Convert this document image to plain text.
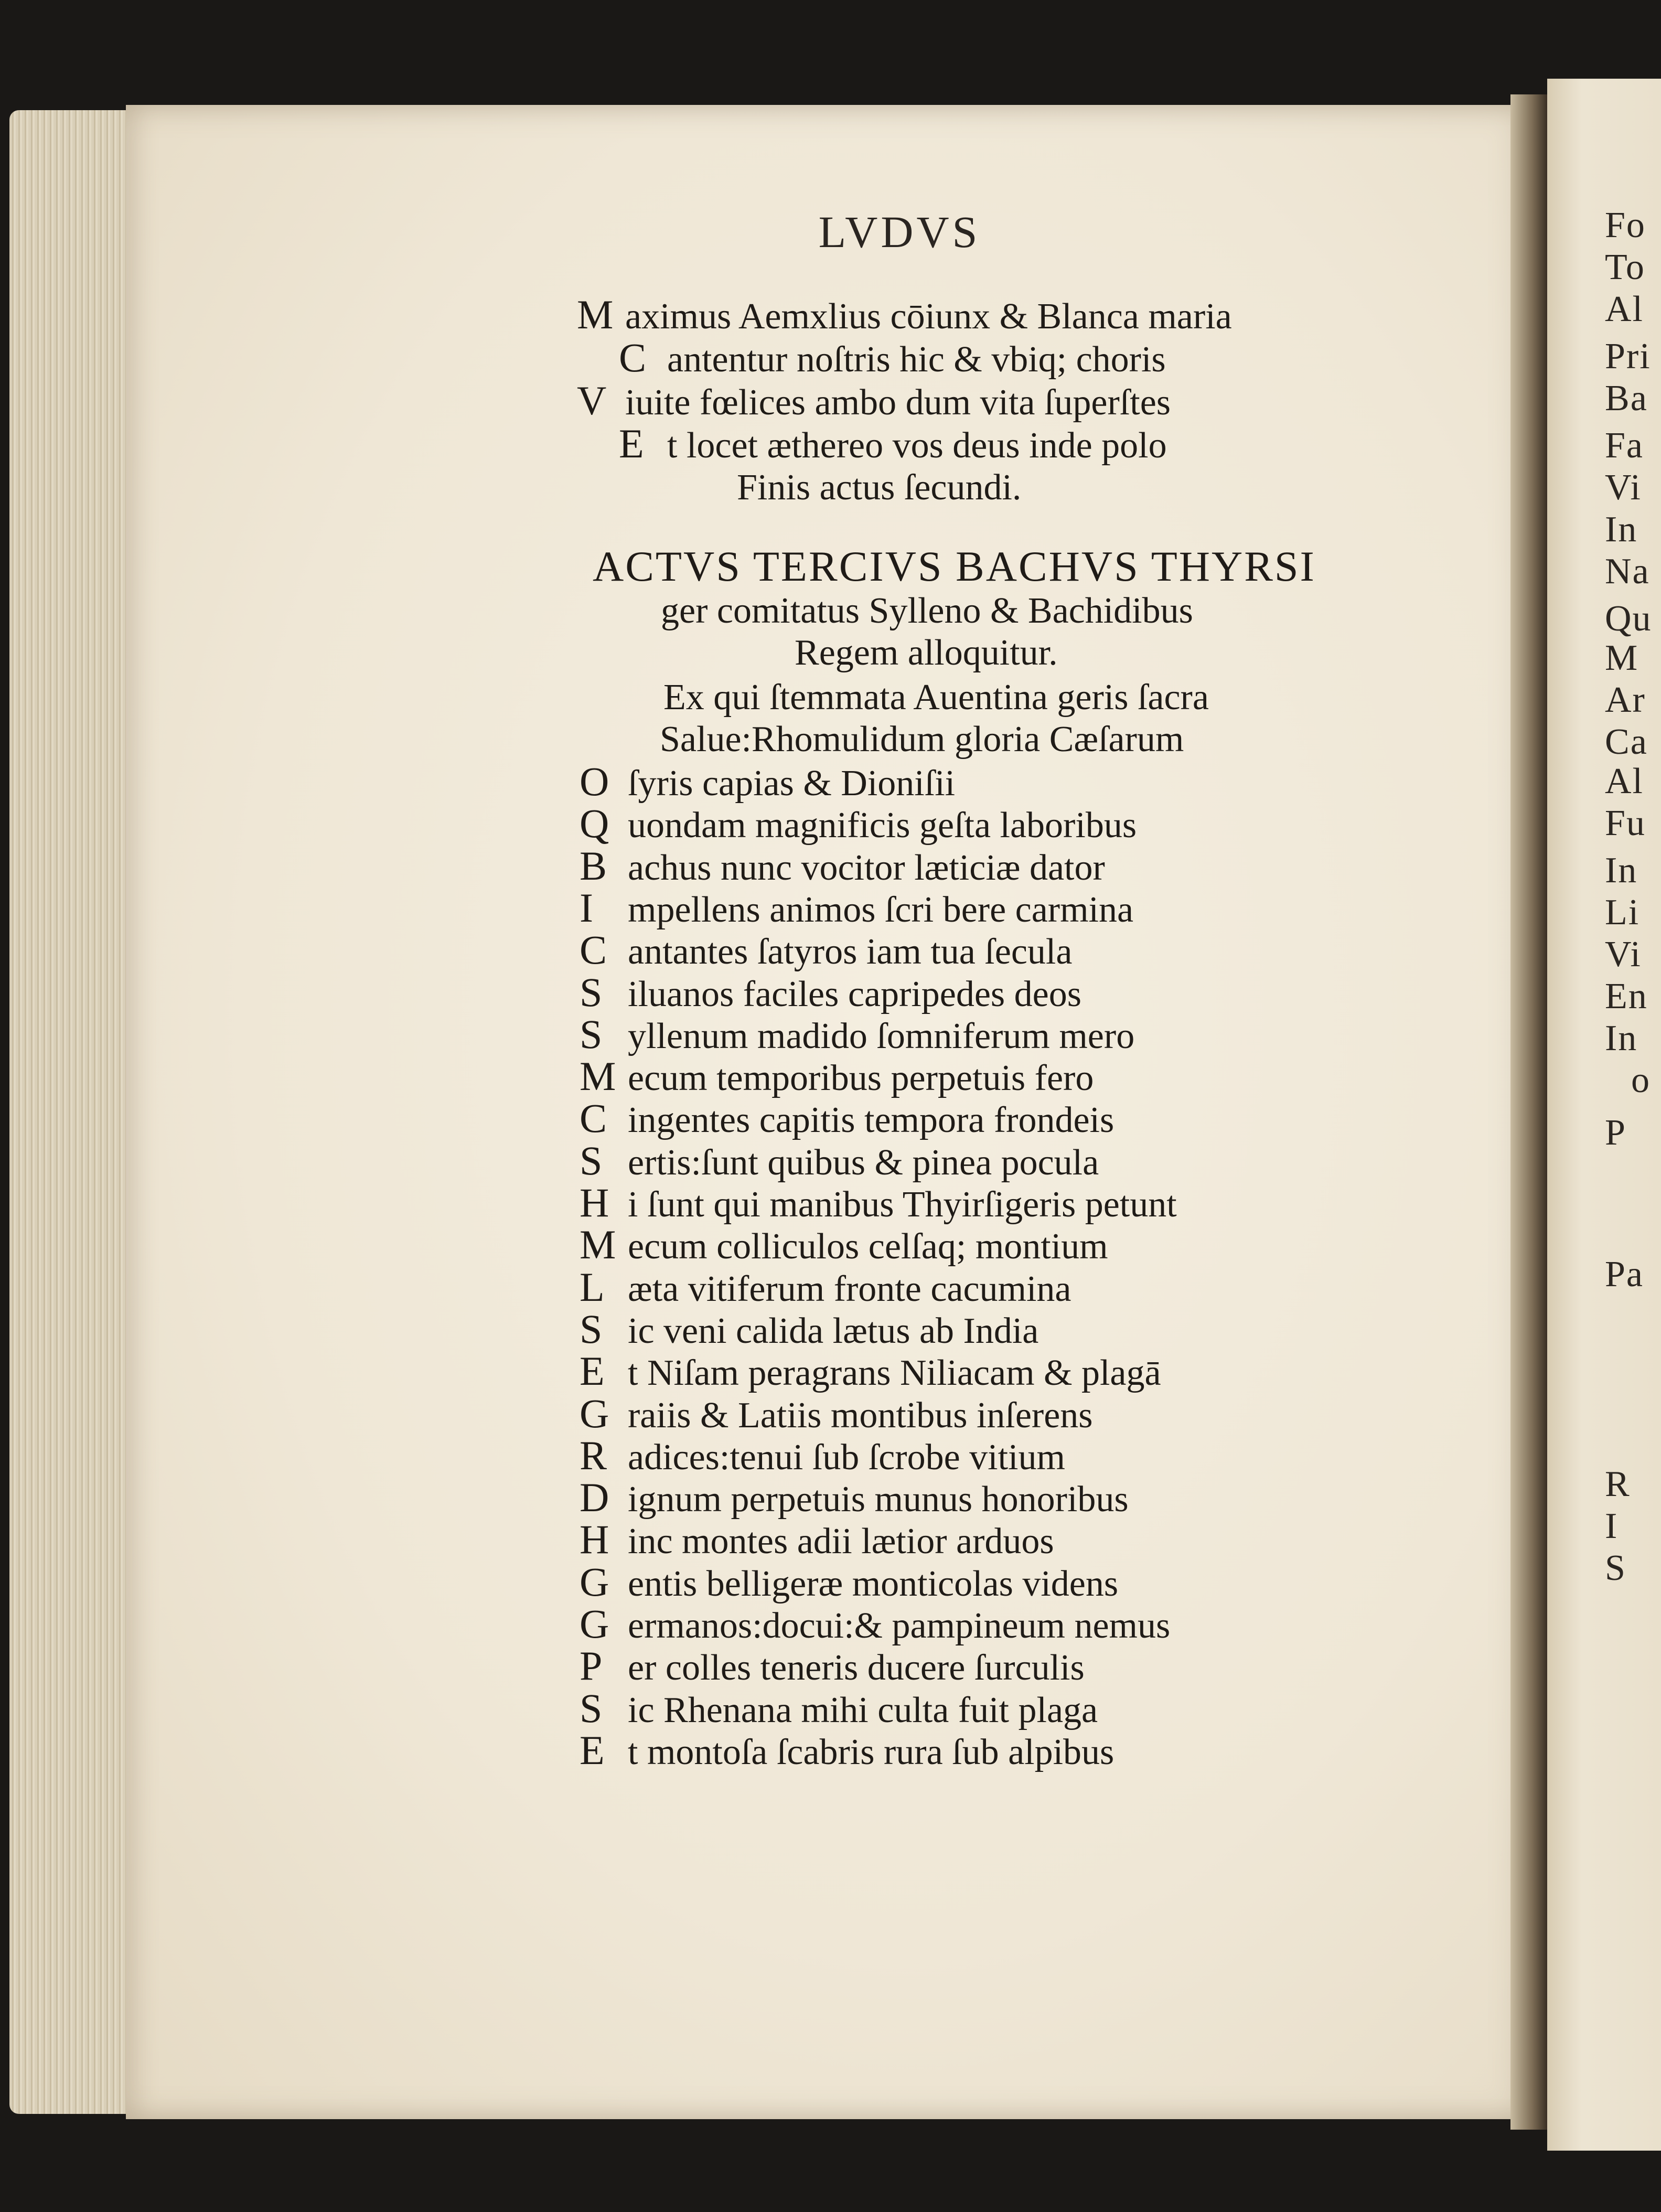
Fo
To
Al
Pri
Ba
Fa
Vi
In
Na
Qu
M
Ar
Ca
Al
Fu
In
Li
Vi
En
In
o
P
Pa
R
I
S
LVDVS
M aximus Aemxlius cōiunx & Blanca maria
C antentur noſtris hic & vbiq; choris
V iuite fœlices ambo dum vita ſuperſtes
E t locet æthereo vos deus inde polo
Finis actus ſecundi.
ACTVS TERCIVS BACHVS THYRSI
ger comitatus Sylleno & Bachidibus
Regem alloquitur.
Ex qui ſtemmata Auentina geris ſacra
Salue:Rhomulidum gloria Cæſarum
O ſyris capias & Dioniſii
Q uondam magnificis geſta laboribus
B achus nunc vocitor læticiæ dator
I mpellens animos ſcri bere carmina
C antantes ſatyros iam tua ſecula
S iluanos faciles capripedes deos
S yllenum madido ſomniferum mero
M ecum temporibus perpetuis fero
C ingentes capitis tempora frondeis
S ertis:ſunt quibus & pinea pocula
H i ſunt qui manibus Thyirſigeris petunt
M ecum colliculos celſaq; montium
L æta vitiferum fronte cacumina
S ic veni calida lætus ab India
E t Niſam peragrans Niliacam & plagā
G raiis & Latiis montibus inſerens
R adices:tenui ſub ſcrobe vitium
D ignum perpetuis munus honoribus
H inc montes adii lætior arduos
G entis belligeræ monticolas videns
G ermanos:docui:& pampineum nemus
P er colles teneris ducere ſurculis
S ic Rhenana mihi culta fuit plaga
E t montoſa ſcabris rura ſub alpibus
